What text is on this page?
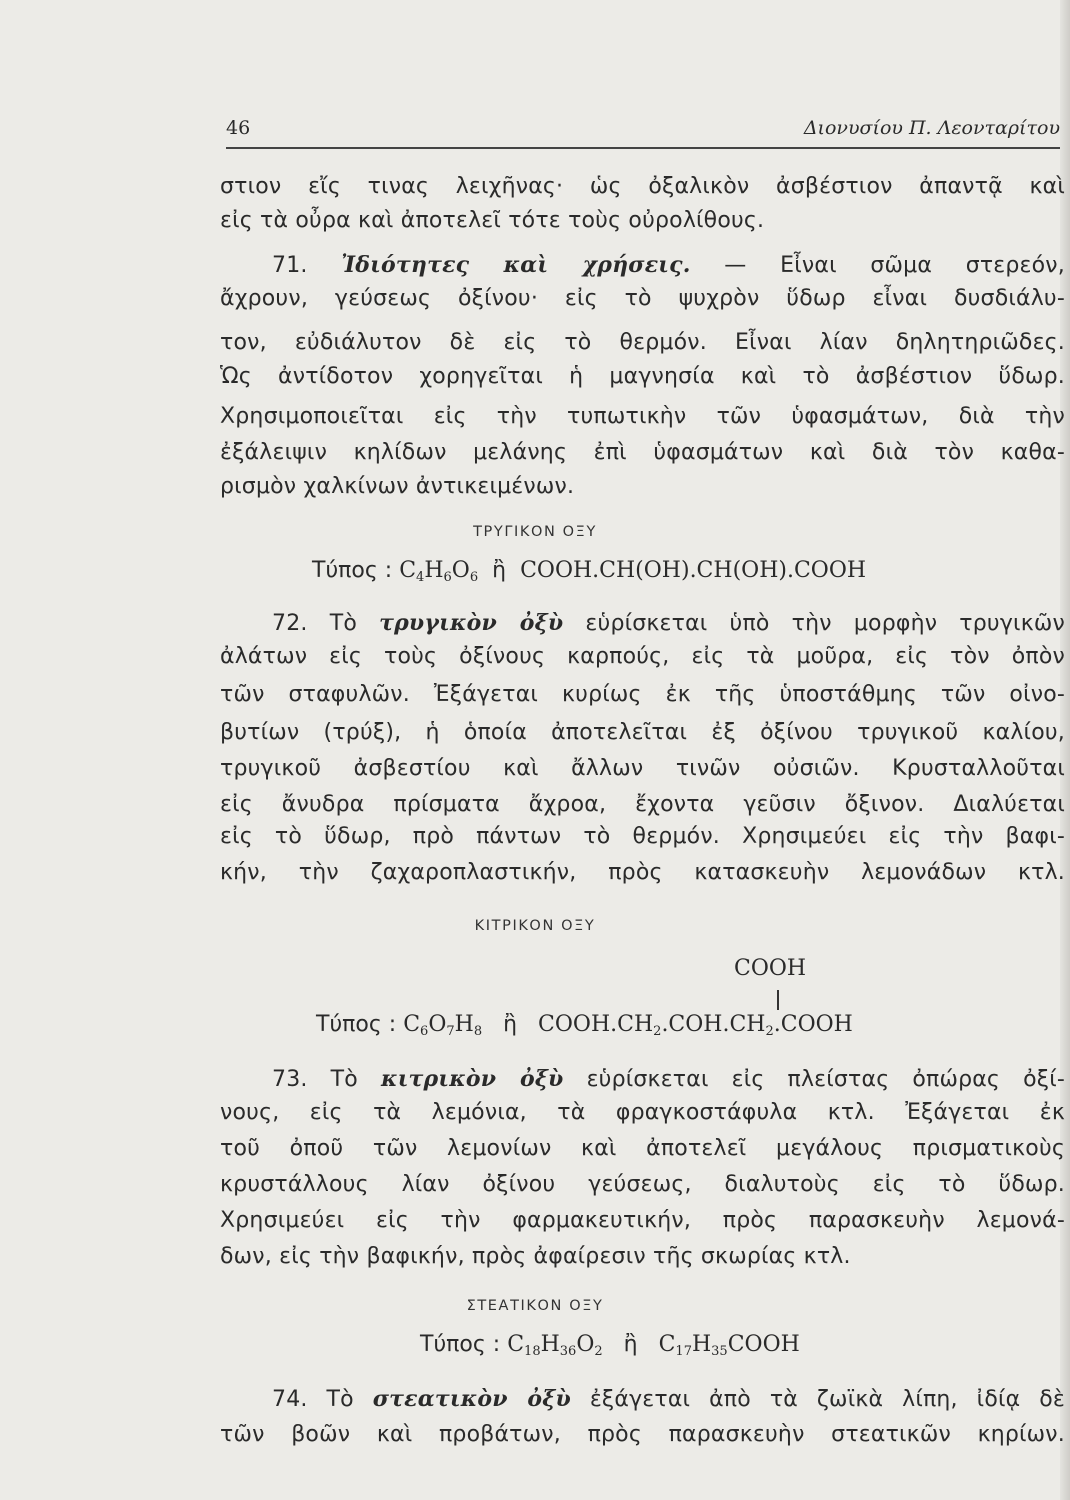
46	Διονυσίου Π. Λεονταρίτου
στιον εἴς τινας λειχῆνας· ὡς ὀξαλικὸν ἀσβέστιον ἀπαντᾷ καὶ
εἰς τὰ οὖρα καὶ ἀποτελεῖ τότε τοὺς οὐρολίθους.
71. Ἰδιότητες καὶ χρήσεις. — Εἶναι σῶμα στερεόν,
ἄχρουν, γεύσεως ὀξίνου· εἰς τὸ ψυχρὸν ὕδωρ εἶναι δυσδιάλυ-
τον, εὐδιάλυτον δὲ εἰς τὸ θερμόν. Εἶναι λίαν δηλητηριῶδες.
Ὡς ἀντίδοτον χορηγεῖται ἡ μαγνησία καὶ τὸ ἀσβέστιον ὕδωρ.
Χρησιμοποιεῖται εἰς τὴν τυπωτικὴν τῶν ὑφασμάτων, διὰ τὴν
ἐξάλειψιν κηλίδων μελάνης ἐπὶ ὑφασμάτων καὶ διὰ τὸν καθα-
ρισμὸν χαλκίνων ἀντικειμένων.
ΤΡΥΓΙΚΟΝ ΟΞΥ
Τύπος : $C_4H_6O_6$ ἢ COOH.CH(OH).CH(OH).COOH
72. Τὸ τρυγικὸν ὀξὺ εὑρίσκεται ὑπὸ τὴν μορφὴν τρυγικῶν
ἀλάτων εἰς τοὺς ὀξίνους καρπούς, εἰς τὰ μοῦρα, εἰς τὸν ὀπὸν
τῶν σταφυλῶν. Ἐξάγεται κυρίως ἐκ τῆς ὑποστάθμης τῶν οἰνο-
βυτίων (τρύξ), ἡ ὁποία ἀποτελεῖται ἐξ ὀξίνου τρυγικοῦ καλίου,
τρυγικοῦ ἀσβεστίου καὶ ἄλλων τινῶν οὐσιῶν. Κρυσταλλοῦται
εἰς ἄνυδρα πρίσματα ἄχροα, ἔχοντα γεῦσιν ὄξινον. Διαλύεται
εἰς τὸ ὕδωρ, πρὸ πάντων τὸ θερμόν. Χρησιμεύει εἰς τὴν βαφι-
κήν, τὴν ζαχαροπλαστικήν, πρὸς κατασκευὴν λεμονάδων κτλ.
ΚΙΤΡΙΚΟΝ ΟΞΥ
COOH
Τύπος : $C_6O_7H_8$ ἢ $COOH.CH_2.COH.CH_2.COOH$
73. Τὸ κιτρικὸν ὀξὺ εὑρίσκεται εἰς πλείστας ὀπώρας ὀξί-
νους, εἰς τὰ λεμόνια, τὰ φραγκοστάφυλα κτλ. Ἐξάγεται ἐκ
τοῦ ὀποῦ τῶν λεμονίων καὶ ἀποτελεῖ μεγάλους πρισματικοὺς
κρυστάλλους λίαν ὀξίνου γεύσεως, διαλυτοὺς εἰς τὸ ὕδωρ.
Χρησιμεύει εἰς τὴν φαρμακευτικήν, πρὸς παρασκευὴν λεμονά-
δων, εἰς τὴν βαφικήν, πρὸς ἀφαίρεσιν τῆς σκωρίας κτλ.
ΣΤΕΑΤΙΚΟΝ ΟΞΥ
Τύπος : $C_{18}H_{36}O_2$ ἢ $C_{17}H_{35}COOH$
74. Τὸ στεατικὸν ὀξὺ ἐξάγεται ἀπὸ τὰ ζωϊκὰ λίπη, ἰδίᾳ δὲ
τῶν βοῶν καὶ προβάτων, πρὸς παρασκευὴν στεατικῶν κηρίων.
